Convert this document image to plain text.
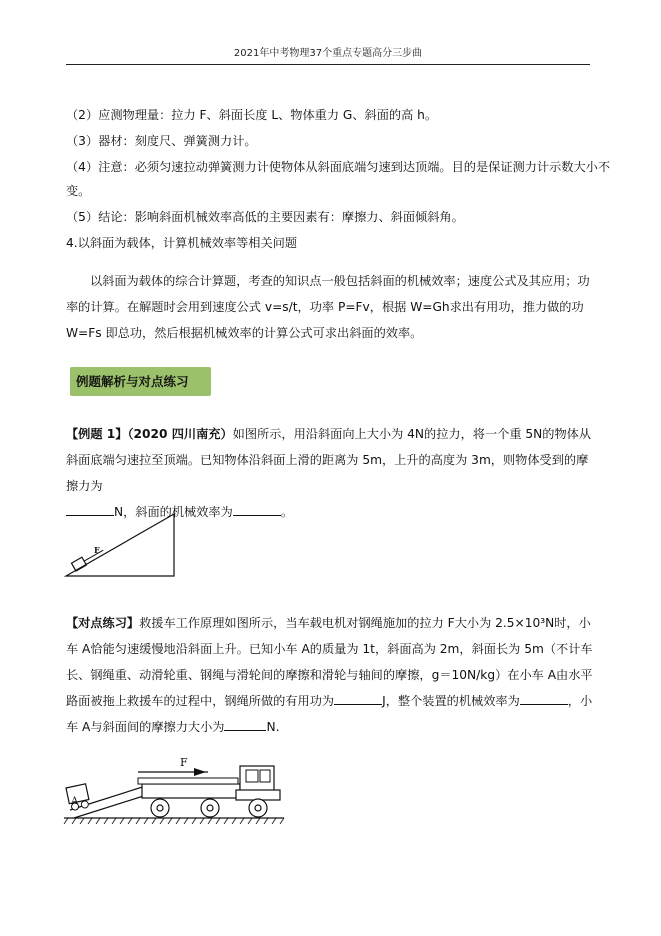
2021年中考物理37个重点专题高分三步曲
（2）应测物理量：拉力 F、斜面长度 L、物体重力 G、斜面的高 h。
（3）器材：刻度尺、弹簧测力计。
（4）注意：必须匀速拉动弹簧测力计使物体从斜面底端匀速到达顶端。目的是保证测力计示数大小不
变。
（5）结论：影响斜面机械效率高低的主要因素有：摩擦力、斜面倾斜角。
4.以斜面为载体，计算机械效率等相关问题
以斜面为载体的综合计算题，考查的知识点一般包括斜面的机械效率；速度公式及其应用；功率的计算。在解题时会用到速度公式 v=s/t，功率 P=Fv，根据 W=Gh求出有用功，推力做的功 W=Fs 即总功，然后根据机械效率的计算公式可求出斜面的效率。
例题解析与对点练习
【例题 1】（2020 四川南充）如图所示，用沿斜面向上大小为 4N的拉力，将一个重 5N的物体从斜面底端匀速拉至顶端。已知物体沿斜面上滑的距离为 5m，上升的高度为 3m，则物体受到的摩擦力为
N，斜面的机械效率为	。
F
【对点练习】救援车工作原理如图所示，当车载电机对钢绳施加的拉力 F大小为 2.5×10³N时，小车 A恰能匀速缓慢地沿斜面上升。已知小车 A的质量为 1t，斜面高为 2m，斜面长为 5m（不计车长、钢绳重、动滑轮重、钢绳与滑轮间的摩擦和滑轮与轴间的摩擦，g＝10N/kg）在小车 A由水平路面被拖上救援车的过程中，钢绳所做的有用功为	J，整个装置的机械效率为	，小车 A与斜面间的摩擦力大小为	N.
A
F
